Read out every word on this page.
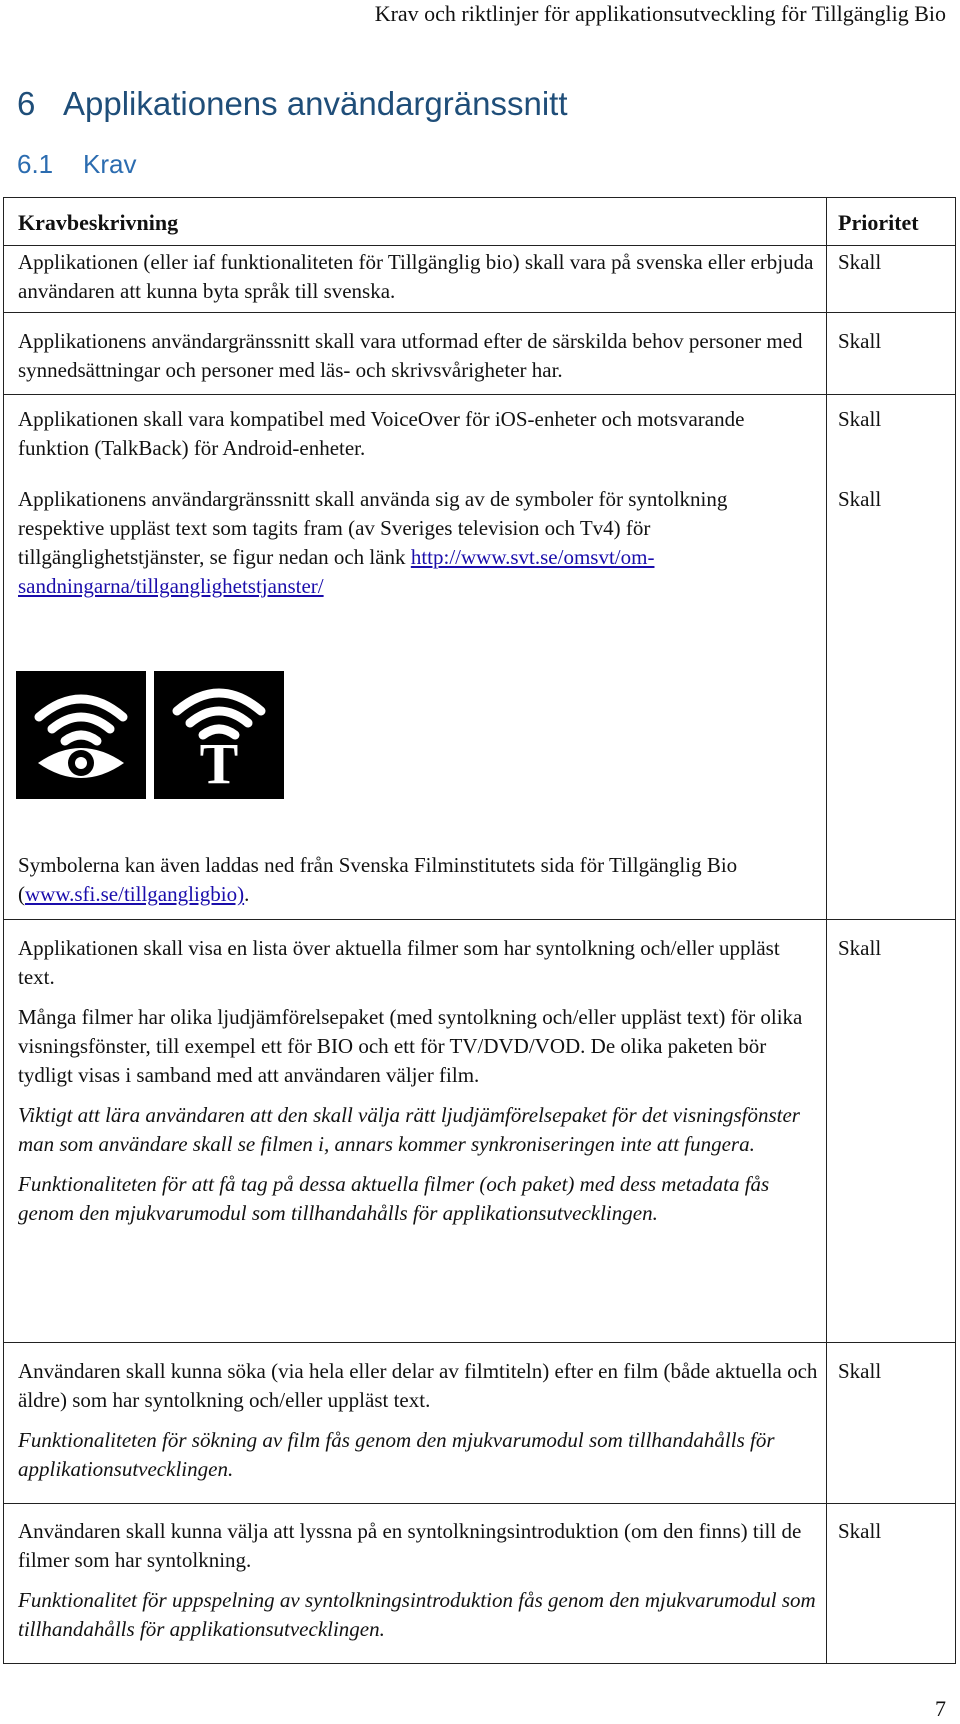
Krav och riktlinjer för applikationsutveckling för Tillgänglig Bio
6 Applikationens användargränssnitt
6.1 Krav
Kravbeskrivning	Prioritet

Applikationen (eller iaf funktionaliteten för Tillgänglig bio) skall vara på svenska eller erbjuda användaren att kunna byta språk till svenska.

Skall

Applikationens användargränssnitt skall vara utformad efter de särskilda behov personer med synnedsättningar och personer med läs- och skrivsvårigheter har.

Skall

Applikationen skall vara kompatibel med VoiceOver för iOS-enheter och motsvarande funktion (TalkBack) för Android-enheter.

Skall

Applikationens användargränssnitt skall använda sig av de symboler för syntolkning respektive uppläst text som tagits fram (av Sveriges television och Tv4) för tillgänglighetstjänster, se figur nedan och länk http://www.svt.se/omsvt/om-sandningarna/tillganglighetstjanster/

Skall
T

Symbolerna kan även laddas ned från Svenska Filminstitutets sida för Tillgänglig Bio (www.sfi.se/tillgangligbio).

Applikationen skall visa en lista över aktuella filmer som har syntolkning och/eller uppläst text.

Många filmer har olika ljudjämförelsepaket (med syntolkning och/eller uppläst text) för olika visningsfönster, till exempel ett för BIO och ett för TV/DVD/VOD. De olika paketen bör tydligt visas i samband med att användaren väljer film.

Viktigt att lära användaren att den skall välja rätt ljudjämförelsepaket för det visningsfönster man som användare skall se filmen i, annars kommer synkroniseringen inte att fungera.

Funktionaliteten för att få tag på dessa aktuella filmer (och paket) med dess metadata fås genom den mjukvarumodul som tillhandahålls för applikationsutvecklingen.

Skall

Användaren skall kunna söka (via hela eller delar av filmtiteln) efter en film (både aktuella och äldre) som har syntolkning och/eller uppläst text.

Funktionaliteten för sökning av film fås genom den mjukvarumodul som tillhandahålls för applikationsutvecklingen.

Skall

Användaren skall kunna välja att lyssna på en syntolkningsintroduktion (om den finns) till de filmer som har syntolkning.

Funktionalitet för uppspelning av syntolkningsintroduktion fås genom den mjukvarumodul som tillhandahålls för applikationsutvecklingen.

Skall
7
